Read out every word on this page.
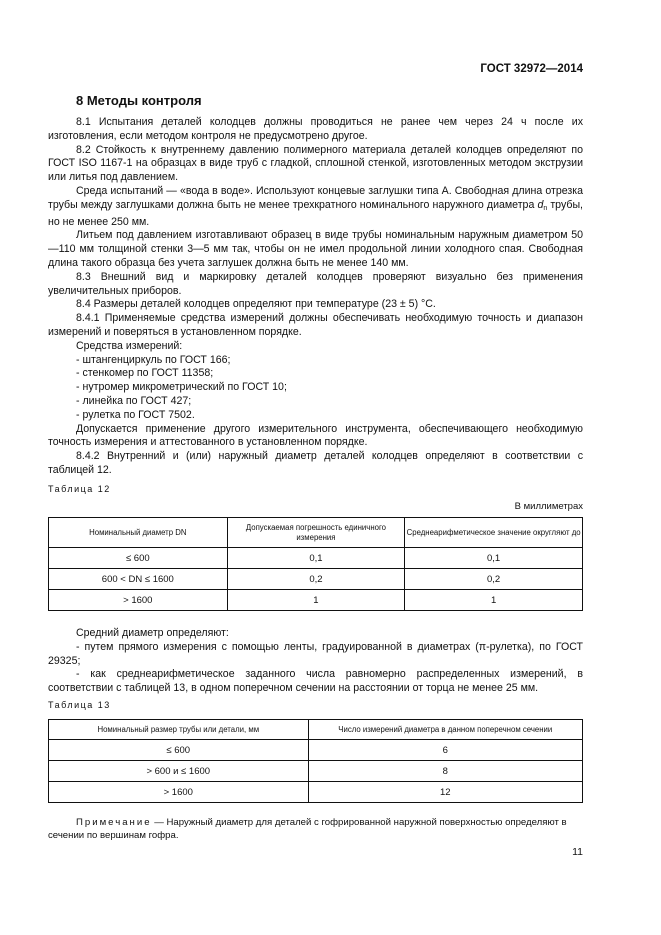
ГОСТ 32972—2014
8 Методы контроля

8.1 Испытания деталей колодцев должны проводиться не ранее чем через 24 ч после их изготовления, если методом контроля не предусмотрено другое.

8.2 Стойкость к внутреннему давлению полимерного материала деталей колодцев определяют по ГОСТ ISO 1167-1 на образцах в виде труб с гладкой, сплошной стенкой, изготовленных методом экструзии или литья под давлением.

Среда испытаний — «вода в воде». Используют концевые заглушки типа А. Свободная длина отрезка трубы между заглушками должна быть не менее трехкратного номинального наружного диаметра $d_n$ трубы, но не менее 250 мм.

Литьем под давлением изготавливают образец в виде трубы номинальным наружным диаметром 50—110 мм толщиной стенки 3—5 мм так, чтобы он не имел продольной линии холодного спая. Свободная длина такого образца без учета заглушек должна быть не менее 140 мм.

8.3 Внешний вид и маркировку деталей колодцев проверяют визуально без применения увеличительных приборов.

8.4 Размеры деталей колодцев определяют при температуре (23 ± 5) °С.

8.4.1 Применяемые средства измерений должны обеспечивать необходимую точность и диапазон измерений и поверяться в установленном порядке.

Средства измерений:

- штангенциркуль по ГОСТ 166;

- стенкомер по ГОСТ 11358;

- нутромер микрометрический по ГОСТ 10;

- линейка по ГОСТ 427;

- рулетка по ГОСТ 7502.

Допускается применение другого измерительного инструмента, обеспечивающего необходимую точность измерения и аттестованного в установленном порядке.

8.4.2 Внутренний и (или) наружный диаметр деталей колодцев определяют в соответствии с таблицей 12.

Таблица 12
В миллиметрах
Номинальный диаметр DN	Допускаемая погрешность единичного измерения	Среднеарифметическое значение округляют до
≤ 600	0,1	0,1
600 < DN ≤ 1600	0,2	0,2
> 1600	1	1

Средний диаметр определяют:

- путем прямого измерения с помощью ленты, градуированной в диаметрах (π-рулетка), по ГОСТ 29325;

- как среднеарифметическое заданного числа равномерно распределенных измерений, в соответствии с таблицей 13, в одном поперечном сечении на расстоянии от торца не менее 25 мм.

Таблица 13
Номинальный размер трубы или детали, мм	Число измерений диаметра в данном поперечном сечении
≤ 600	6
> 600 и ≤ 1600	8
> 1600	12
Примечание — Наружный диаметр для деталей с гофрированной наружной поверхностью определяют в сечении по вершинам гофра.
11
